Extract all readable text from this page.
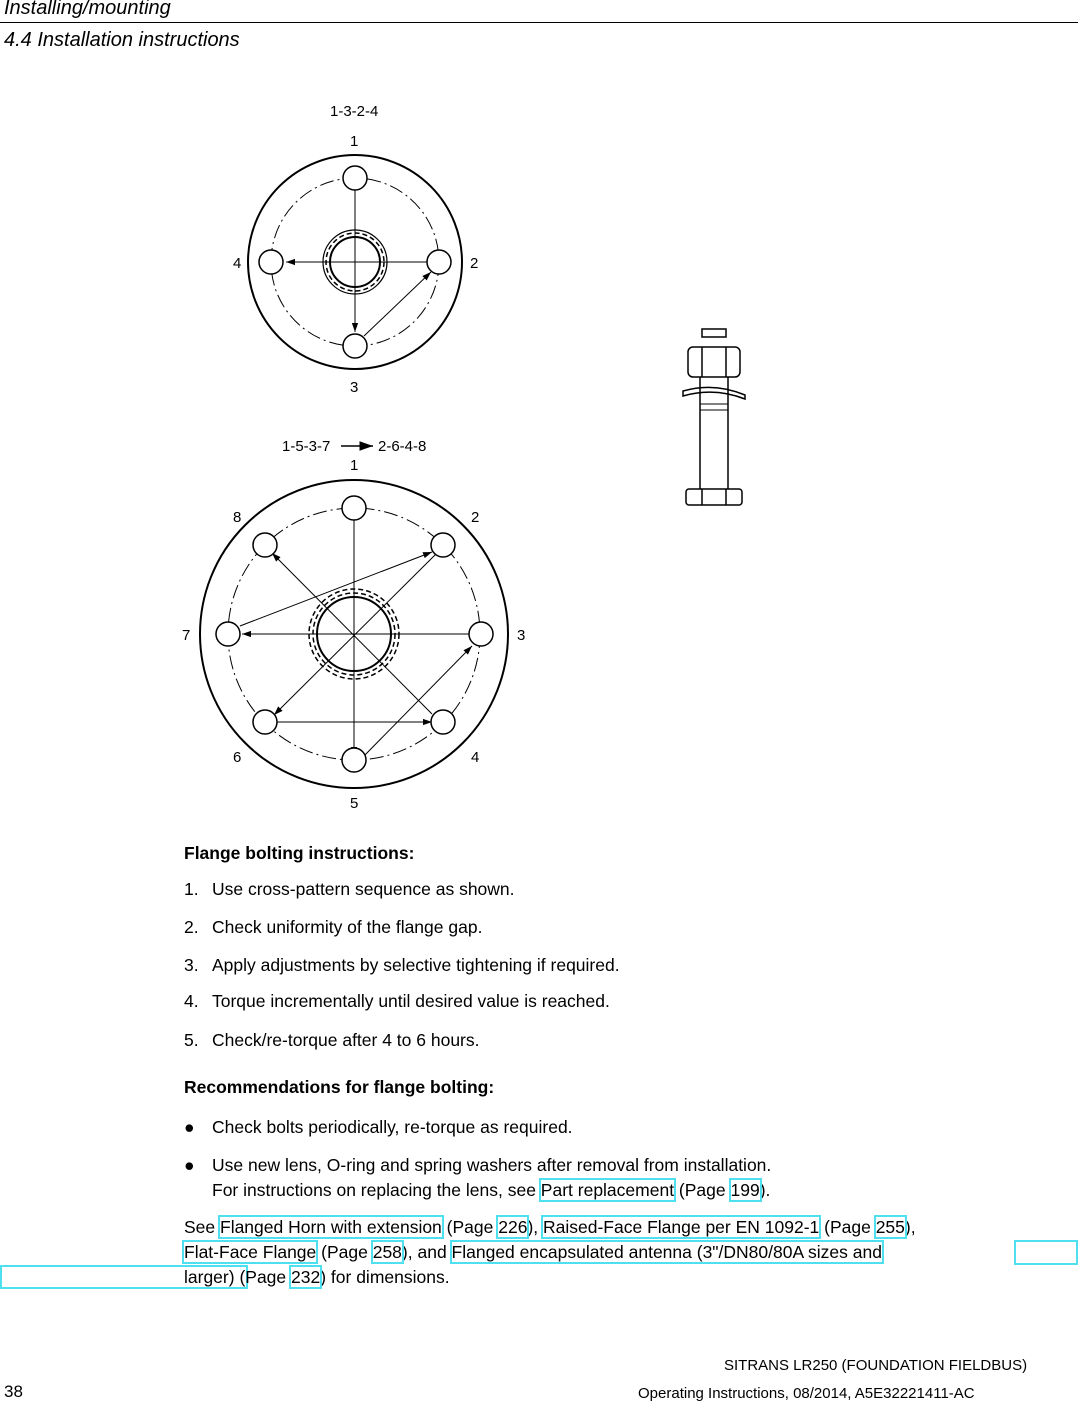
Installing/mounting
4.4 Installation instructions
1-3-2-4
1
2
3
4
1-5-3-7	2-6-4-8
1
2
3
4
5
6
7
8
Flange bolting instructions:
1. Use cross-pattern sequence as shown.
2. Check uniformity of the flange gap.
3. Apply adjustments by selective tightening if required.
4. Torque incrementally until desired value is reached.
5. Check/re-torque after 4 to 6 hours.
Recommendations for flange bolting:
● Check bolts periodically, re-torque as required.
● Use new lens, O-ring and spring washers after removal from installation.
For instructions on replacing the lens, see Part replacement (Page 199).
See Flanged Horn with extension (Page 226), Raised-Face Flange per EN 1092-1 (Page 255),
Flat-Face Flange (Page 258), and Flanged encapsulated antenna (3"/DN80/80A sizes and
larger) (Page 232) for dimensions.
SITRANS LR250 (FOUNDATION FIELDBUS)
38	Operating Instructions, 08/2014, A5E32221411-AC
